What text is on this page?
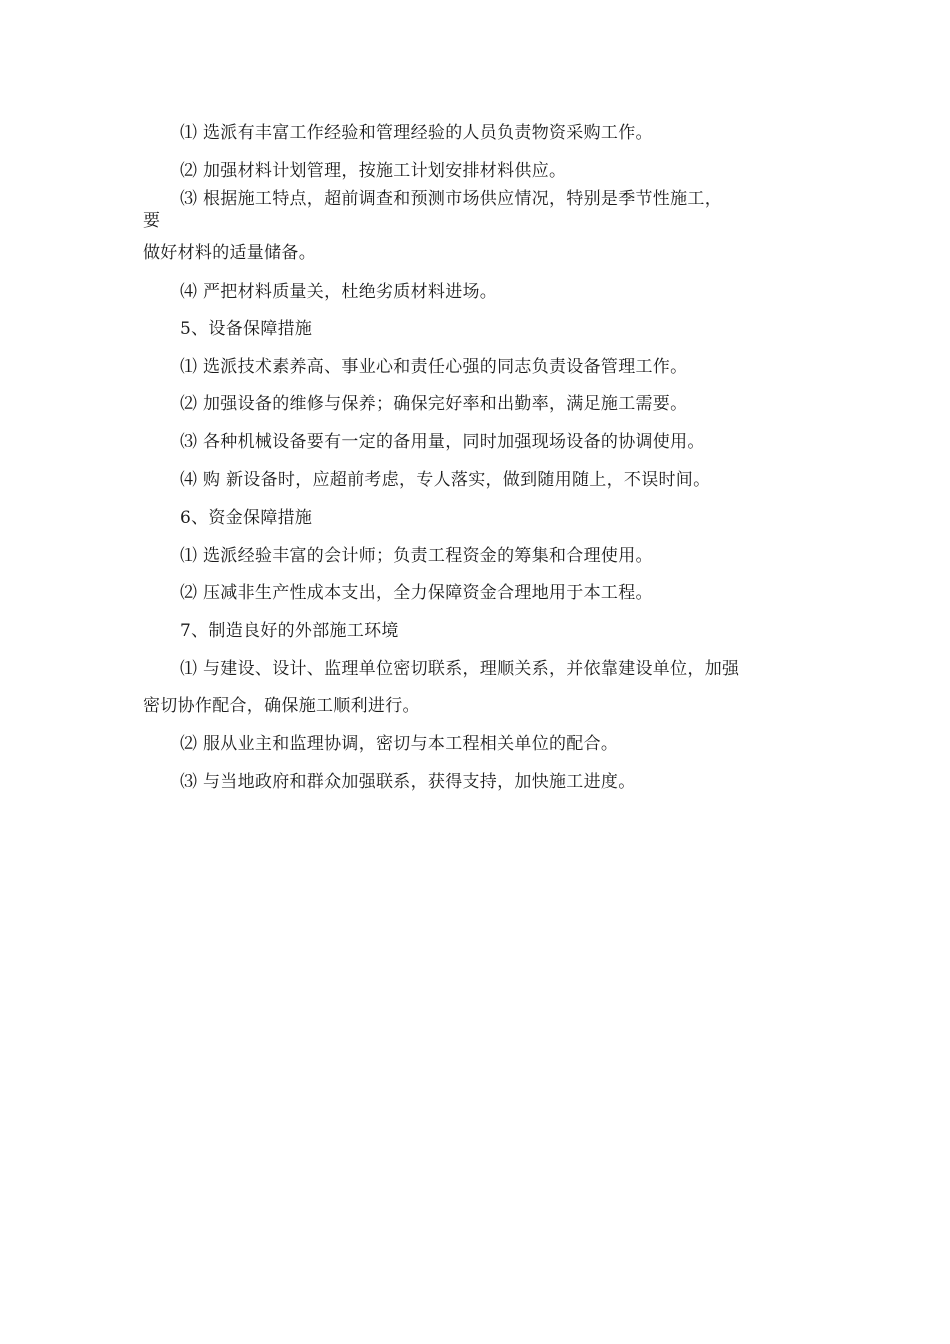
⑴ 选派有丰富工作经验和管理经验的人员负责物资采购工作。
⑵ 加强材料计划管理，按施工计划安排材料供应。
⑶ 根据施工特点，超前调查和预测市场供应情况，特别是季节性施工，
要
做好材料的适量储备。
⑷ 严把材料质量关，杜绝劣质材料进场。
5、设备保障措施
⑴ 选派技术素养高、事业心和责任心强的同志负责设备管理工作。
⑵ 加强设备的维修与保养；确保完好率和出勤率，满足施工需要。
⑶ 各种机械设备要有一定的备用量，同时加强现场设备的协调使用。
⑷ 购 新设备时，应超前考虑，专人落实，做到随用随上，不误时间。
6、资金保障措施
⑴ 选派经验丰富的会计师；负责工程资金的筹集和合理使用。
⑵ 压减非生产性成本支出，全力保障资金合理地用于本工程。
7、制造良好的外部施工环境
⑴ 与建设、设计、监理单位密切联系，理顺关系，并依靠建设单位，加强
密切协作配合，确保施工顺利进行。
⑵ 服从业主和监理协调，密切与本工程相关单位的配合。
⑶ 与当地政府和群众加强联系，获得支持，加快施工进度。
